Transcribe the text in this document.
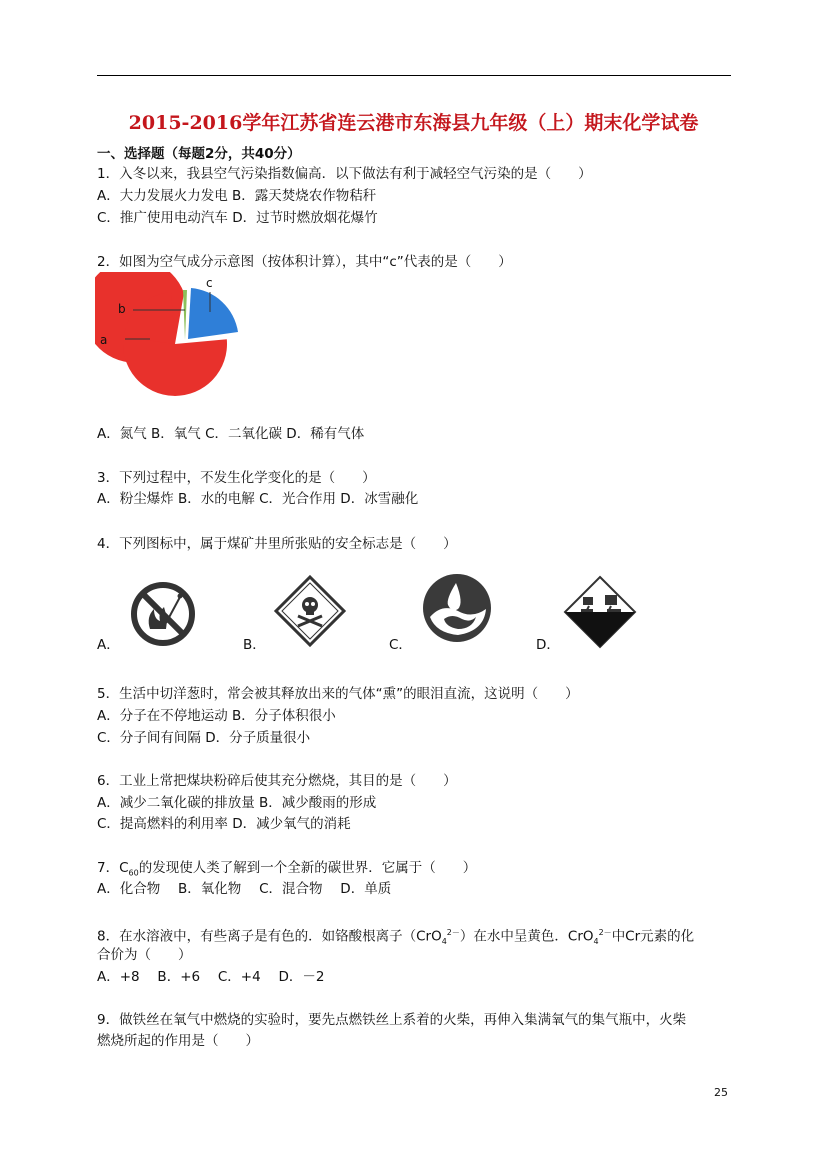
2015-2016学年江苏省连云港市东海县九年级（上）期末化学试卷
一、选择题（每题2分，共40分）
1．入冬以来，我县空气污染指数偏高．以下做法有利于减轻空气污染的是（　　）
A．大力发展火力发电 B．露天焚烧农作物秸秆
C．推广使用电动汽车 D．过节时燃放烟花爆竹
2．如图为空气成分示意图（按体积计算），其中“c”代表的是（　　）
a
b
c
A．氮气 B．氧气 C．二氧化碳 D．稀有气体
3．下列过程中，不发生化学变化的是（　　）
A．粉尘爆炸 B．水的电解 C．光合作用 D．冰雪融化
4．下列图标中，属于煤矿井里所张贴的安全标志是（　　）
A．	B．	C．	D．
5．生活中切洋葱时，常会被其释放出来的气体“熏”的眼泪直流，这说明（　　）
A．分子在不停地运动 B．分子体积很小
C．分子间有间隔 D．分子质量很小
6．工业上常把煤块粉碎后使其充分燃烧，其目的是（　　）
A．减少二氧化碳的排放量 B．减少酸雨的形成
C．提高燃料的利用率 D．减少氧气的消耗
7．$C_{60}$的发现使人类了解到一个全新的碳世界．它属于（　　）
A．化合物　 B．氧化物　 C．混合物　 D．单质
8．在水溶液中，有些离子是有色的．如铬酸根离子（CrO$_4^{2-}$）在水中呈黄色．CrO$_4^{2-}$中Cr元素的化
合价为（　　）
A．+8　 B．+6　 C．+4　 D．－2
9．做铁丝在氧气中燃烧的实验时，要先点燃铁丝上系着的火柴，再伸入集满氧气的集气瓶中，火柴
燃烧所起的作用是（　　）
25
